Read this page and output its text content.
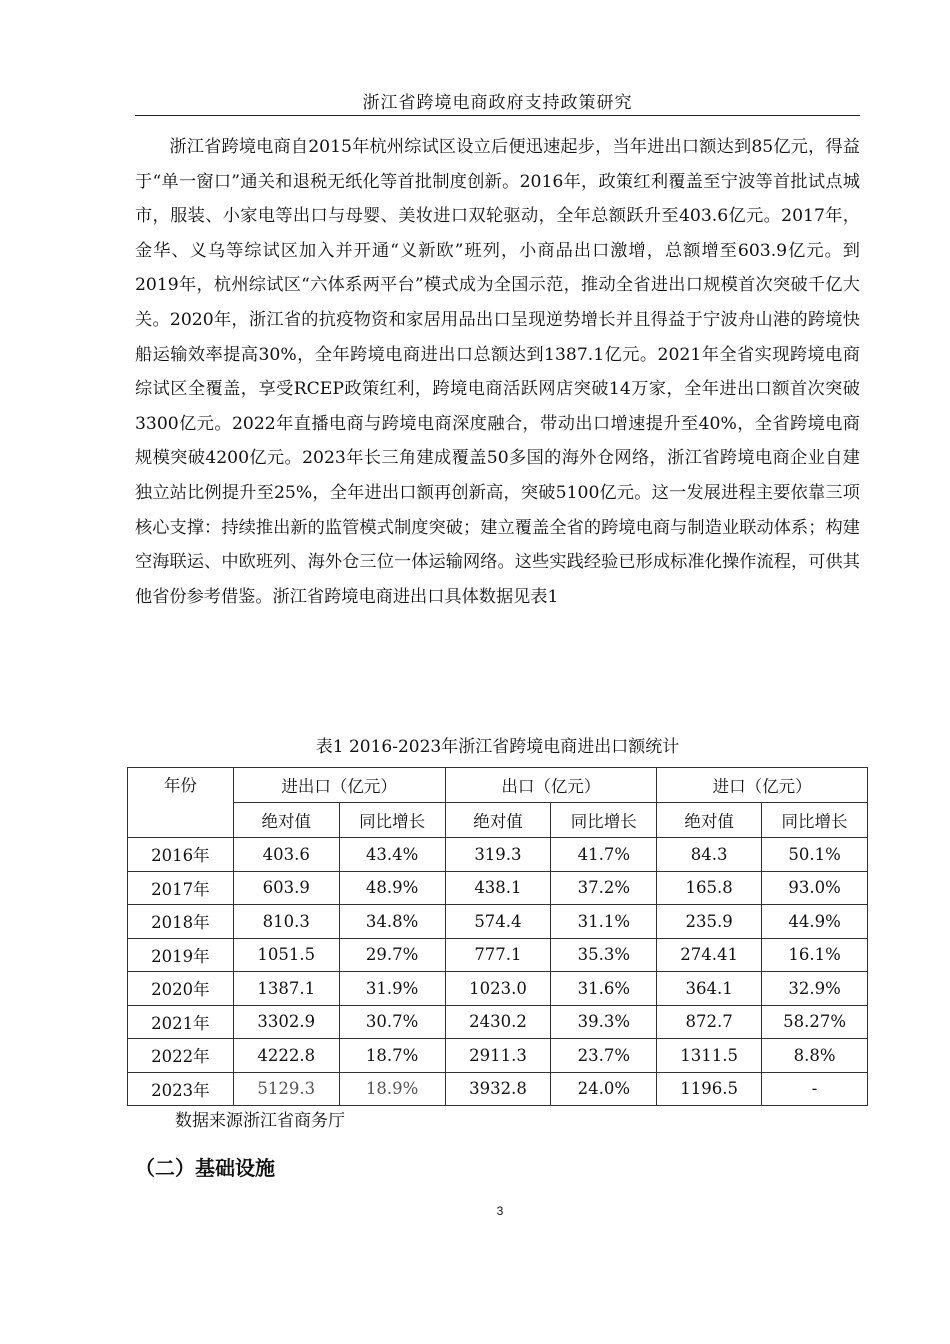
浙江省跨境电商政府支持政策研究

浙江省跨境电商自2015年杭州综试区设立后便迅速起步，当年进出口额达到85亿元，得益于“单一窗口”通关和退税无纸化等首批制度创新。2016年，政策红利覆盖至宁波等首批试点城市，服装、小家电等出口与母婴、美妆进口双轮驱动，全年总额跃升至403.6亿元。2017年，金华、义乌等综试区加入并开通“义新欧”班列，小商品出口激增，总额增至603.9亿元。到2019年，杭州综试区“六体系两平台”模式成为全国示范，推动全省进出口规模首次突破千亿大关。2020年，浙江省的抗疫物资和家居用品出口呈现逆势增长并且得益于宁波舟山港的跨境快船运输效率提高30%，全年跨境电商进出口总额达到1387.1亿元。2021年全省实现跨境电商综试区全覆盖，享受RCEP政策红利，跨境电商活跃网店突破14万家，全年进出口额首次突破3300亿元。2022年直播电商与跨境电商深度融合，带动出口增速提升至40%，全省跨境电商规模突破4200亿元。2023年长三角建成覆盖50多国的海外仓网络，浙江省跨境电商企业自建独立站比例提升至25%，全年进出口额再创新高，突破5100亿元。这一发展进程主要依靠三项核心支撑：持续推出新的监管模式制度突破；建立覆盖全省的跨境电商与制造业联动体系；构建空海联运、中欧班列、海外仓三位一体运输网络。这些实践经验已形成标准化操作流程，可供其他省份参考借鉴。浙江省跨境电商进出口具体数据见表1

表1 2016-2023年浙江省跨境电商进出口额统计
年份	进出口（亿元）		出口（亿元）		进口（亿元）	
	绝对值	同比增长	绝对值	同比增长	绝对值	同比增长
2016年	403.6	43.4%	319.3	41.7%	84.3	50.1%
2017年	603.9	48.9%	438.1	37.2%	165.8	93.0%
2018年	810.3	34.8%	574.4	31.1%	235.9	44.9%
2019年	1051.5	29.7%	777.1	35.3%	274.41	16.1%
2020年	1387.1	31.9%	1023.0	31.6%	364.1	32.9%
2021年	3302.9	30.7%	2430.2	39.3%	872.7	58.27%
2022年	4222.8	18.7%	2911.3	23.7%	1311.5	8.8%
2023年	5129.3	18.9%	3932.8	24.0%	1196.5	-
数据来源浙江省商务厅
（二）基础设施
3
